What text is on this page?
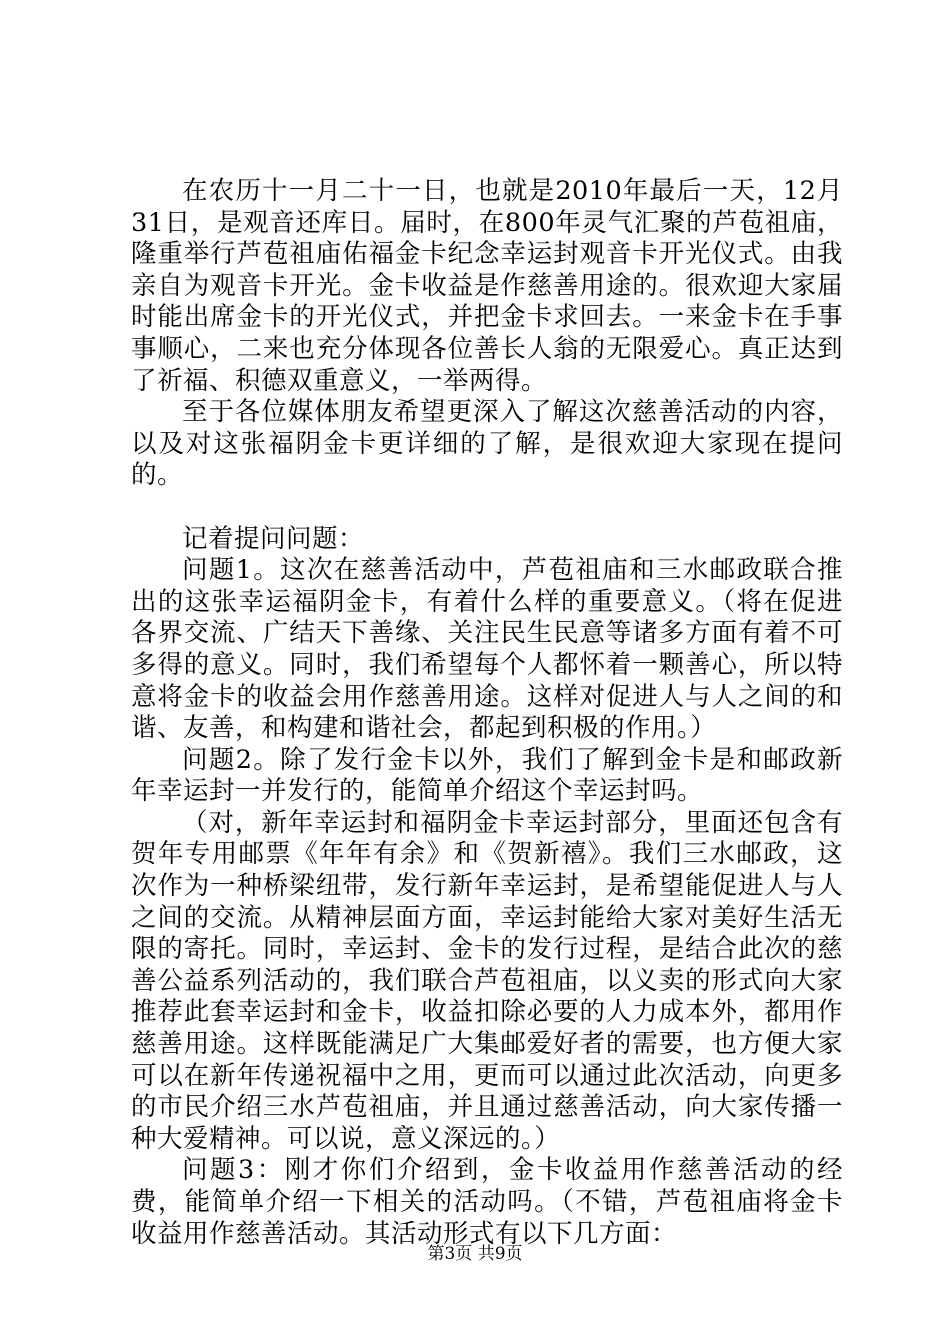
在农历十一月二十一日，也就是2010年最后一天，12月31日，是观音还库日。届时，在800年灵气汇聚的芦苞祖庙，隆重举行芦苞祖庙佑福金卡纪念幸运封观音卡开光仪式。由我亲自为观音卡开光。金卡收益是作慈善用途的。很欢迎大家届时能出席金卡的开光仪式，并把金卡求回去。一来金卡在手事事顺心，二来也充分体现各位善长人翁的无限爱心。真正达到了祈福、积德双重意义，一举两得。

至于各位媒体朋友希望更深入了解这次慈善活动的内容，以及对这张福阴金卡更详细的了解，是很欢迎大家现在提问的。

记着提问问题：

问题1。这次在慈善活动中，芦苞祖庙和三水邮政联合推出的这张幸运福阴金卡，有着什么样的重要意义。（将在促进各界交流、广结天下善缘、关注民生民意等诸多方面有着不可多得的意义。同时，我们希望每个人都怀着一颗善心，所以特意将金卡的收益会用作慈善用途。这样对促进人与人之间的和谐、友善，和构建和谐社会，都起到积极的作用。）

问题2。除了发行金卡以外，我们了解到金卡是和邮政新年幸运封一并发行的，能简单介绍这个幸运封吗。

（对，新年幸运封和福阴金卡幸运封部分，里面还包含有贺年专用邮票《年年有余》和《贺新禧》。我们三水邮政，这次作为一种桥梁纽带，发行新年幸运封，是希望能促进人与人之间的交流。从精神层面方面，幸运封能给大家对美好生活无限的寄托。同时，幸运封、金卡的发行过程，是结合此次的慈善公益系列活动的，我们联合芦苞祖庙，以义卖的形式向大家推荐此套幸运封和金卡，收益扣除必要的人力成本外，都用作慈善用途。这样既能满足广大集邮爱好者的需要，也方便大家可以在新年传递祝福中之用，更而可以通过此次活动，向更多的市民介绍三水芦苞祖庙，并且通过慈善活动，向大家传播一种大爱精神。可以说，意义深远的。）

问题3：刚才你们介绍到，金卡收益用作慈善活动的经费，能简单介绍一下相关的活动吗。（不错，芦苞祖庙将金卡收益用作慈善活动。其活动形式有以下几方面：

第3页 共9页
